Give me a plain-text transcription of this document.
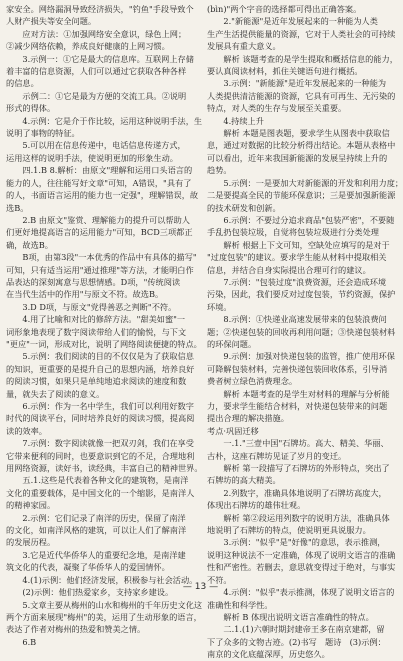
家安全。网络漏洞导致经济损失，"钓鱼"手段导致个
人财产损失等安全问题。
　　应对方法：①加强网络安全意识，绿色上网；
②减少网络依赖，养成良好健康的上网习惯。
　　3.示例一：①它是最大的信息库。互联网上存储
着丰富的信息资源，人们可以通过它获取各种各样
的信息。
　　示例二：①它是最为方便的交流工具。②说明
形式的得体。
　　4.示例：它是介于作比较，运用这种说明手法，生
说明了事物的特征。
　　5.可以用在信息传递中，电话信息传递方式，
运用这样的说明手法，使说明更加的形象生动。
　　四.1.B 8.解析：由原文"理解和运用口头语言的
能力的人，往往能写好文章"可知，A错误，"具有了
的人，书面语言运用的能力也一定强"，理解错误，故
选B。
　　2.B 由原文"鉴赏、理解能力的提升可以帮助人
们更好地提高语言的运用能力"可知，BCD三项都正
确，故选B。
　　B项，由第3段"一本优秀的作品中有具体的描写"
可知，只有适当运用"通过推理"等方法，才能明白作
品表达的深刻寓意与思想情感。D项，"传统阅读
在当代生活中的作用"与原文不符。故选B。
　　3.D D项，与原文"党得善恶之判断"不符。
　　4.用了比喻和对比的修辞方法。"甜美如蜜"一
词形象地表现了数字阅读带给人们的愉悦，与下文
"更应"一词，形成对比，说明了网络阅读便捷的特点。
　　5.示例：我们阅读的目的不仅仅是为了获取信息
的知识，更重要的是提升自己的思想内涵，培养良好
的阅读习惯，如果只是单纯地追求阅读的速度和数
量，就失去了阅读的意义。
　　6.示例：作为一名中学生，我们可以利用好数字
时代的阅读平台，同时培养良好的阅读习惯，提高阅
读的效率。
　　7.示例：数字阅读就像一把双刃剑，我们在享受
它带来便利的同时，也要意识到它的不足，合理地利
用网络资源，读好书，读经典，丰富自己的精神世界。
　　五.1.这些是代表着各种文化的建筑物，是南洋
文化的重要载体，是中国文化的一个缩影，是南洋人
的精神家园。
　　2.示例：它们记录了南洋的历史，保留了南洋
的文化，如南洋风格的建筑，可以让人们了解南洋
的发展历程。
　　3.它是近代华侨华人的重要纪念地，是南洋建
筑文化的代表，凝聚了华侨华人的爱国情怀。
　　4.(1)示例：他们经济发展，积极参与社会活动。
　　(2)示例：他们热爱家乡，支持家乡建设。
　　5.文章主要从梅州的山水和梅州的千年历史文化这
两个方面来展现"梅州"的美，运用了生动形象的语言，
表达了作者对梅州的热爱和赞美之情。
　　6.B
(bìn)"两个字音的选择都可得出正确答案。
　　2."新能源"是近年发展起来的一种能为人类
生产生活提供能量的资源，它对于人类社会的可持续
发展具有重大意义。
　　解析 该题考查的是学生提取和概括信息的能力，
要认真阅读材料，抓住关键语句进行概括。
　　3.示例："新能源"是近年发展起来的一种能为
人类提供清洁能源的资源，它具有可再生、无污染的
特点，对人类的生存与发展至关重要。
　　4.持续上升
　　解析 本题是图表题，要求学生从图表中获取信
息，通过对数据的比较分析得出结论。本题从表格中
可以看出，近年来我国新能源的发展呈持续上升的
趋势。
　　5.示例：一是要加大对新能源的开发和利用力度；
二是要提高全民的节能环保意识；三是要加强新能源
的技术研发和创新。
　　6.示例：不要过分追求商品"包装严密"，不要随
手乱扔包装垃圾，自觉将包装垃圾进行分类处理
　　解析 根据上下文可知，空缺处应填写的是对于
"过度包装"的建议。要求学生能从材料中提取相关
信息，并结合自身实际提出合理可行的建议。
　　7.示例："包装过度"浪费资源，还会造成环境
污染，因此，我们要反对过度包装，节约资源，保护
环境。
　　8.示例：①快递业高速发展带来的包装浪费问
题；②快递包装的回收再利用问题；③快递包装材料
的环保问题。
　　9.示例：加强对快递包装的监管，推广使用环保
可降解包装材料，完善快递包装回收体系，引导消
费者树立绿色消费理念。
　　解析 本题考查的是学生对材料的理解与分析能
力，要求学生能结合材料，对快递包装带来的问题
提出合理的解决措施。
考点·巩固迁移
　　一.1."三壹中国"石牌坊。高大、精美、华丽、
古朴，这座石牌坊见证了岁月的变迁。
　　解析 第一段描写了石牌坊的外形特点，突出了
石牌坊的高大精美。
　　2.列数字，准确具体地说明了石牌坊高度大，
体现出石牌坊的雄伟壮观。
　　解析 第②段运用列数字的说明方法，准确具体
地说明了石牌坊的特点，使说明更具说服力。
　　3.示例："似乎"是"好像"的意思，表示推测，
说明这种说法不一定准确，体现了说明文语言的准确
性和严密性。若删去，意思就变得过于绝对，与事实
不符。
　　4.示例："似乎"表示推测，体现了说明文语言的
准确性和科学性。
　　解析 B 体现出说明文语言准确性的特点。
　　二.1.(1)六朝时期封建帝王多在南京建都，留
下了众多的文物古迹。(2)书写　题诗　(3)示例：
南京的文化底蕴深厚，历史悠久。
— 13 —
